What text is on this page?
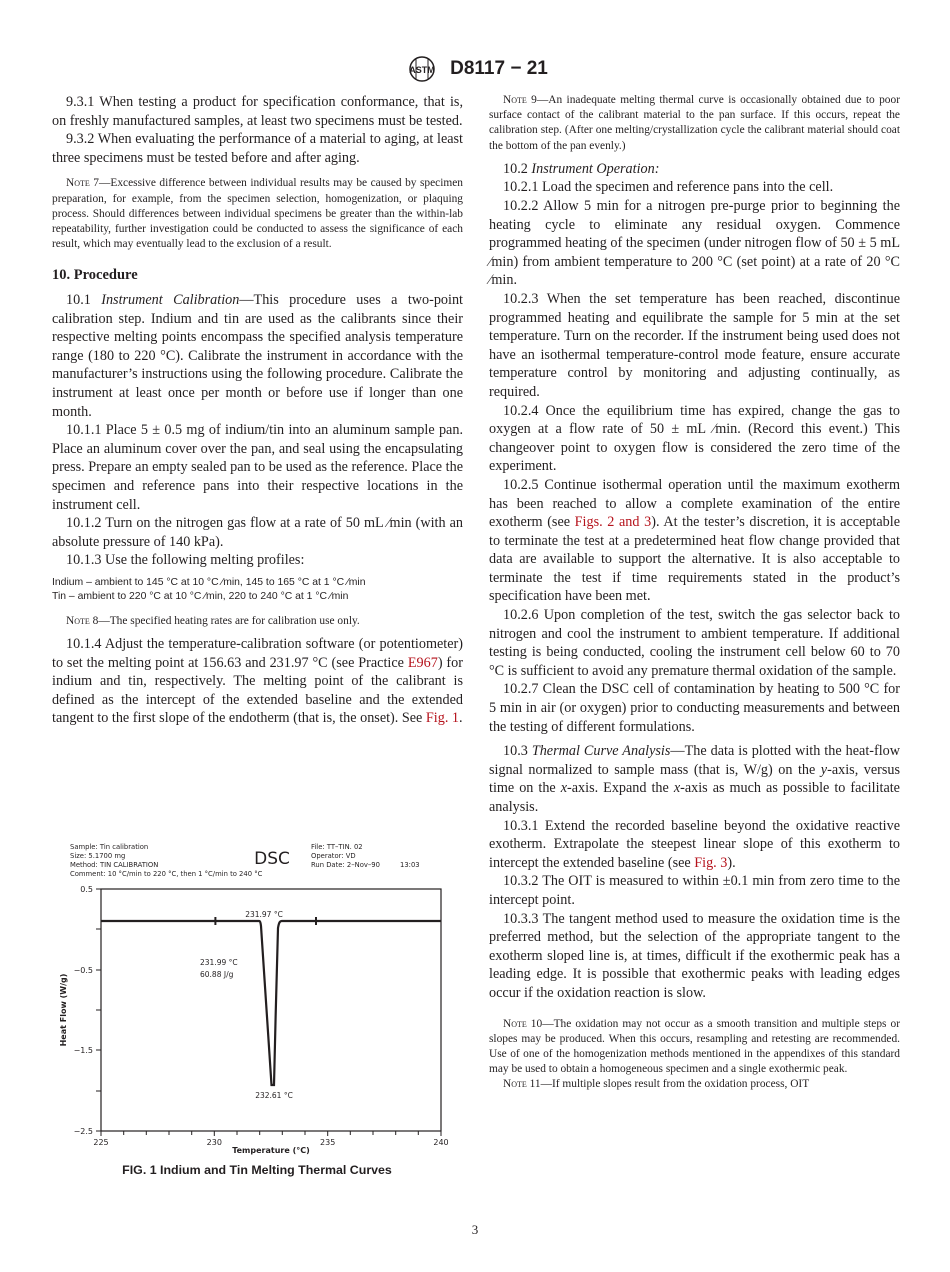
ASTM D8117 − 21

9.3.1 When testing a product for specification conformance, that is, on freshly manufactured samples, at least two specimens must be tested.

9.3.2 When evaluating the performance of a material to aging, at least three specimens must be tested before and after aging.

Note 7—Excessive difference between individual results may be caused by specimen preparation, for example, from the specimen selection, homogenization, or plaquing process. Should differences between individual specimens be greater than the within-lab repeatability, further investigation could be conducted to assess the significance of each result, which may eventually lead to the exclusion of a result.

10. Procedure

10.1 Instrument Calibration—This procedure uses a two-point calibration step. Indium and tin are used as the calibrants since their respective melting points encompass the specified analysis temperature range (180 to 220 °C). Calibrate the instrument in accordance with the manufacturer’s instructions using the following procedure. Calibrate the instrument at least once per month or before use if longer than one month.

10.1.1 Place 5 ± 0.5 mg of indium/tin into an aluminum sample pan. Place an aluminum cover over the pan, and seal using the encapsulating press. Prepare an empty sealed pan to be used as the reference. Place the specimen and reference pans into their respective locations in the instrument cell.

10.1.2 Turn on the nitrogen gas flow at a rate of 50 mL ⁄min (with an absolute pressure of 140 kPa).

10.1.3 Use the following melting profiles:

Indium – ambient to 145 °C at 10 °C ⁄min, 145 to 165 °C at 1 °C ⁄min
Tin – ambient to 220 °C at 10 °C ⁄min, 220 to 240 °C at 1 °C ⁄min

Note 8—The specified heating rates are for calibration use only.

10.1.4 Adjust the temperature-calibration software (or potentiometer) to set the melting point at 156.63 and 231.97 °C (see Practice E967) for indium and tin, respectively. The melting point of the calibrant is defined as the intercept of the extended baseline and the extended tangent to the first slope of the endotherm (that is, the onset). See Fig. 1.

Note 9—An inadequate melting thermal curve is occasionally obtained due to poor surface contact of the calibrant material to the pan surface. If this occurs, repeat the calibration step. (After one melting/crystallization cycle the calibrant material should coat the bottom of the pan evenly.)

10.2 Instrument Operation:

10.2.1 Load the specimen and reference pans into the cell.

10.2.2 Allow 5 min for a nitrogen pre-purge prior to beginning the heating cycle to eliminate any residual oxygen. Commence programmed heating of the specimen (under nitrogen flow of 50 ± 5 mL ⁄min) from ambient temperature to 200 °C (set point) at a rate of 20 °C ⁄min.

10.2.3 When the set temperature has been reached, discontinue programmed heating and equilibrate the sample for 5 min at the set temperature. Turn on the recorder. If the instrument being used does not have an isothermal temperature-control mode feature, ensure accurate temperature control by monitoring and adjusting continually, as required.

10.2.4 Once the equilibrium time has expired, change the gas to oxygen at a flow rate of 50 ± mL ⁄min. (Record this event.) This changeover point to oxygen flow is considered the zero time of the experiment.

10.2.5 Continue isothermal operation until the maximum exotherm has been reached to allow a complete examination of the entire exotherm (see Figs. 2 and 3). At the tester’s discretion, it is acceptable to terminate the test at a predetermined heat flow change provided that data are available to support the alternative. It is also acceptable to terminate the test if time requirements stated in the product’s specification have been met.

10.2.6 Upon completion of the test, switch the gas selector back to nitrogen and cool the instrument to ambient temperature. If additional testing is being conducted, cooling the instrument cell below 60 to 70 °C is sufficient to avoid any premature thermal oxidation of the sample.

10.2.7 Clean the DSC cell of contamination by heating to 500 °C for 5 min in air (or oxygen) prior to conducting measurements and between the testing of different formulations.

10.3 Thermal Curve Analysis—The data is plotted with the heat-flow signal normalized to sample mass (that is, W/g) on the y-axis, versus time on the x-axis. Expand the x-axis as much as possible to facilitate analysis.

10.3.1 Extend the recorded baseline beyond the oxidative reactive exotherm. Extrapolate the steepest linear slope of this exotherm to intercept the extended baseline (see Fig. 3).

10.3.2 The OIT is measured to within ±0.1 min from zero time to the intercept point.

10.3.3 The tangent method used to measure the oxidation time is the preferred method, but the selection of the appropriate tangent to the exotherm sloped line is, at times, difficult if the exothermic peak has a leading edge. It is possible that exothermic peaks with leading edges occur if the oxidation reaction is slow.

Note 10—The oxidation may not occur as a smooth transition and multiple steps or slopes may be produced. When this occurs, resampling and retesting are recommended. Use of one of the homogenization methods mentioned in the appendixes of this standard may be used to obtain a homogeneous specimen and a single exothermic peak.

Note 11—If multiple slopes result from the oxidation process, OIT

Sample: Tin calibration
Size: 5.1700 mg
Method: TIN CALIBRATION
Comment: 10 °C/min to 220 °C, then 1 °C/min to 240 °C
DSC
File: TT–TIN. 02
Operator: VD
Run Date: 2–Nov–90	13:03
0.5
−0.5
−1.5
−2.5
Heat Flow (W/g)
225	230	235	240
Temperature (°C)
231.97 °C
231.99 °C
60.88 J/g
232.61 °C
FIG. 1 Indium and Tin Melting Thermal Curves
3
